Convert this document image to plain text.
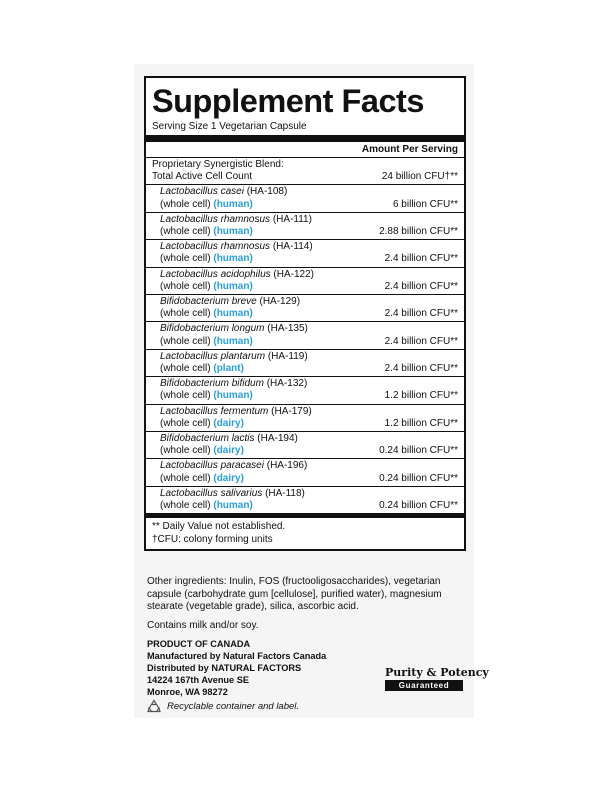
Supplement Facts
Serving Size 1 Vegetarian Capsule
Amount Per Serving
Proprietary Synergistic Blend:
Total Active Cell Count	24 billion CFU†**
Lactobacillus casei (HA-108)
(whole cell) (human)	6 billion CFU**
Lactobacillus rhamnosus (HA-111)
(whole cell) (human)	2.88 billion CFU**
Lactobacillus rhamnosus (HA-114)
(whole cell) (human)	2.4 billion CFU**
Lactobacillus acidophilus (HA-122)
(whole cell) (human)	2.4 billion CFU**
Bifidobacterium breve (HA-129)
(whole cell) (human)	2.4 billion CFU**
Bifidobacterium longum (HA-135)
(whole cell) (human)	2.4 billion CFU**
Lactobacillus plantarum (HA-119)
(whole cell) (plant)	2.4 billion CFU**
Bifidobacterium bifidum (HA-132)
(whole cell) (human)	1.2 billion CFU**
Lactobacillus fermentum (HA-179)
(whole cell) (dairy)	1.2 billion CFU**
Bifidobacterium lactis (HA-194)
(whole cell) (dairy)	0.24 billion CFU**
Lactobacillus paracasei (HA-196)
(whole cell) (dairy)	0.24 billion CFU**
Lactobacillus salivarius (HA-118)
(whole cell) (human)	0.24 billion CFU**
** Daily Value not established.
†CFU: colony forming units

Other ingredients: Inulin, FOS (fructooligosaccharides), vegetarian capsule (carbohydrate gum [cellulose], purified water), magnesium stearate (vegetable grade), silica, ascorbic acid.

Contains milk and/or soy.

PRODUCT OF CANADA
Manufactured by Natural Factors Canada
Distributed by NATURAL FACTORS
14224 167th Avenue SE
Monroe, WA 98272
Purity & Potency
Guaranteed
Recyclable container and label.
